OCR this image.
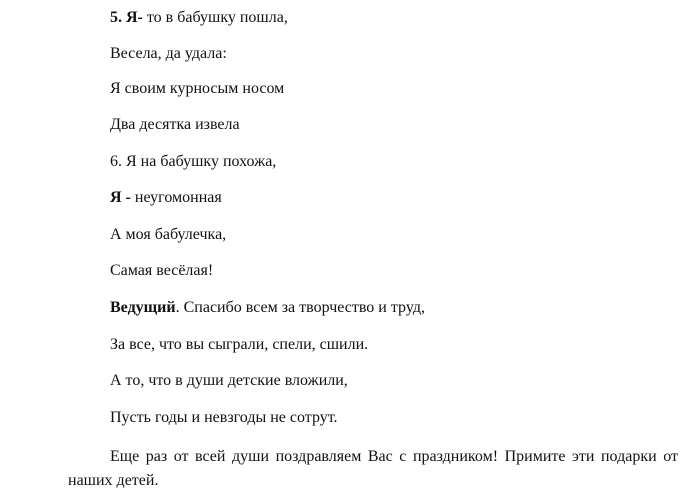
5. Я- то в бабушку пошла,
Весела, да удала:
Я своим курносым носом
Два десятка извела
6. Я на бабушку похожа,
Я - неугомонная
А моя бабулечка,
Самая весёлая!
Ведущий. Спасибо всем за творчество и труд,
За все, что вы сыграли, спели, сшили.
А то, что в души детские вложили,
Пусть годы и невзгоды не сотрут.
Еще раз от всей души поздравляем Вас с праздником! Примите эти подарки от наших детей.
